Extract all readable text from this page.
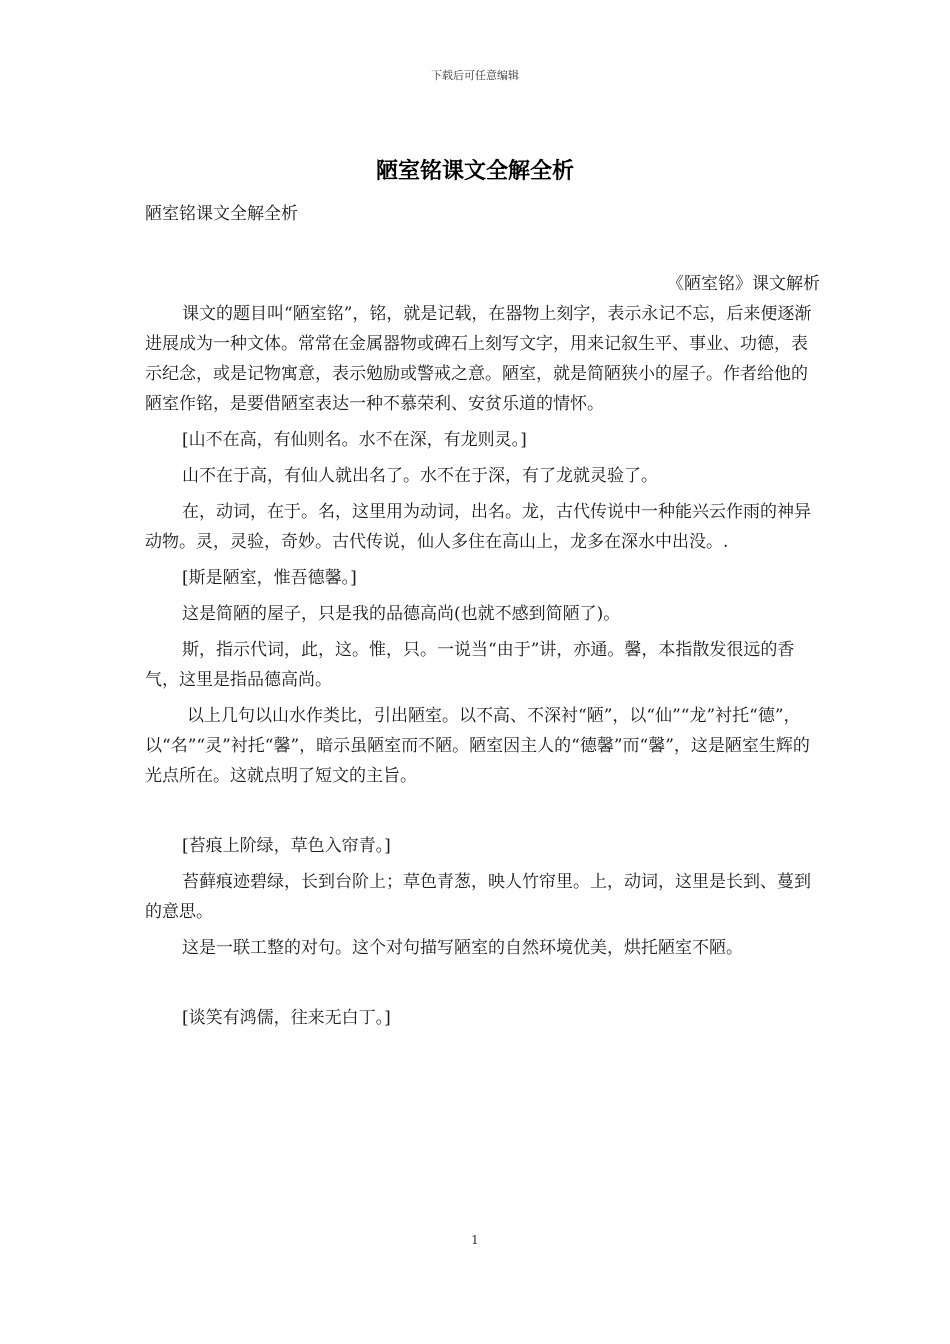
下载后可任意编辑
陋室铭课文全解全析

陋室铭课文全解全析

《陋室铭》课文解析

课文的题目叫“陋室铭”，铭，就是记载，在器物上刻字，表示永记不忘，后来便逐渐进展成为一种文体。常常在金属器物或碑石上刻写文字，用来记叙生平、事业、功德，表示纪念，或是记物寓意，表示勉励或警戒之意。陋室，就是简陋狭小的屋子。作者给他的陋室作铭，是要借陋室表达一种不慕荣利、安贫乐道的情怀。

[山不在高，有仙则名。水不在深，有龙则灵。]

山不在于高，有仙人就出名了。水不在于深，有了龙就灵验了。

在，动词，在于。名，这里用为动词，出名。龙，古代传说中一种能兴云作雨的神异动物。灵，灵验，奇妙。古代传说，仙人多住在高山上，龙多在深水中出没。.

[斯是陋室，惟吾德馨。]

这是简陋的屋子，只是我的品德高尚(也就不感到简陋了)。

斯，指示代词，此，这。惟，只。一说当“由于”讲，亦通。馨，本指散发很远的香气，这里是指品德高尚。

以上几句以山水作类比，引出陋室。以不高、不深衬“陋”，以“仙”“龙”衬托“德”，以“名”“灵”衬托“馨”，暗示虽陋室而不陋。陋室因主人的“德馨”而“馨”，这是陋室生辉的光点所在。这就点明了短文的主旨。

[苔痕上阶绿，草色入帘青。]

苔藓痕迹碧绿，长到台阶上；草色青葱，映人竹帘里。上，动词，这里是长到、蔓到的意思。

这是一联工整的对句。这个对句描写陋室的自然环境优美，烘托陋室不陋。

[谈笑有鸿儒，往来无白丁。]

1
